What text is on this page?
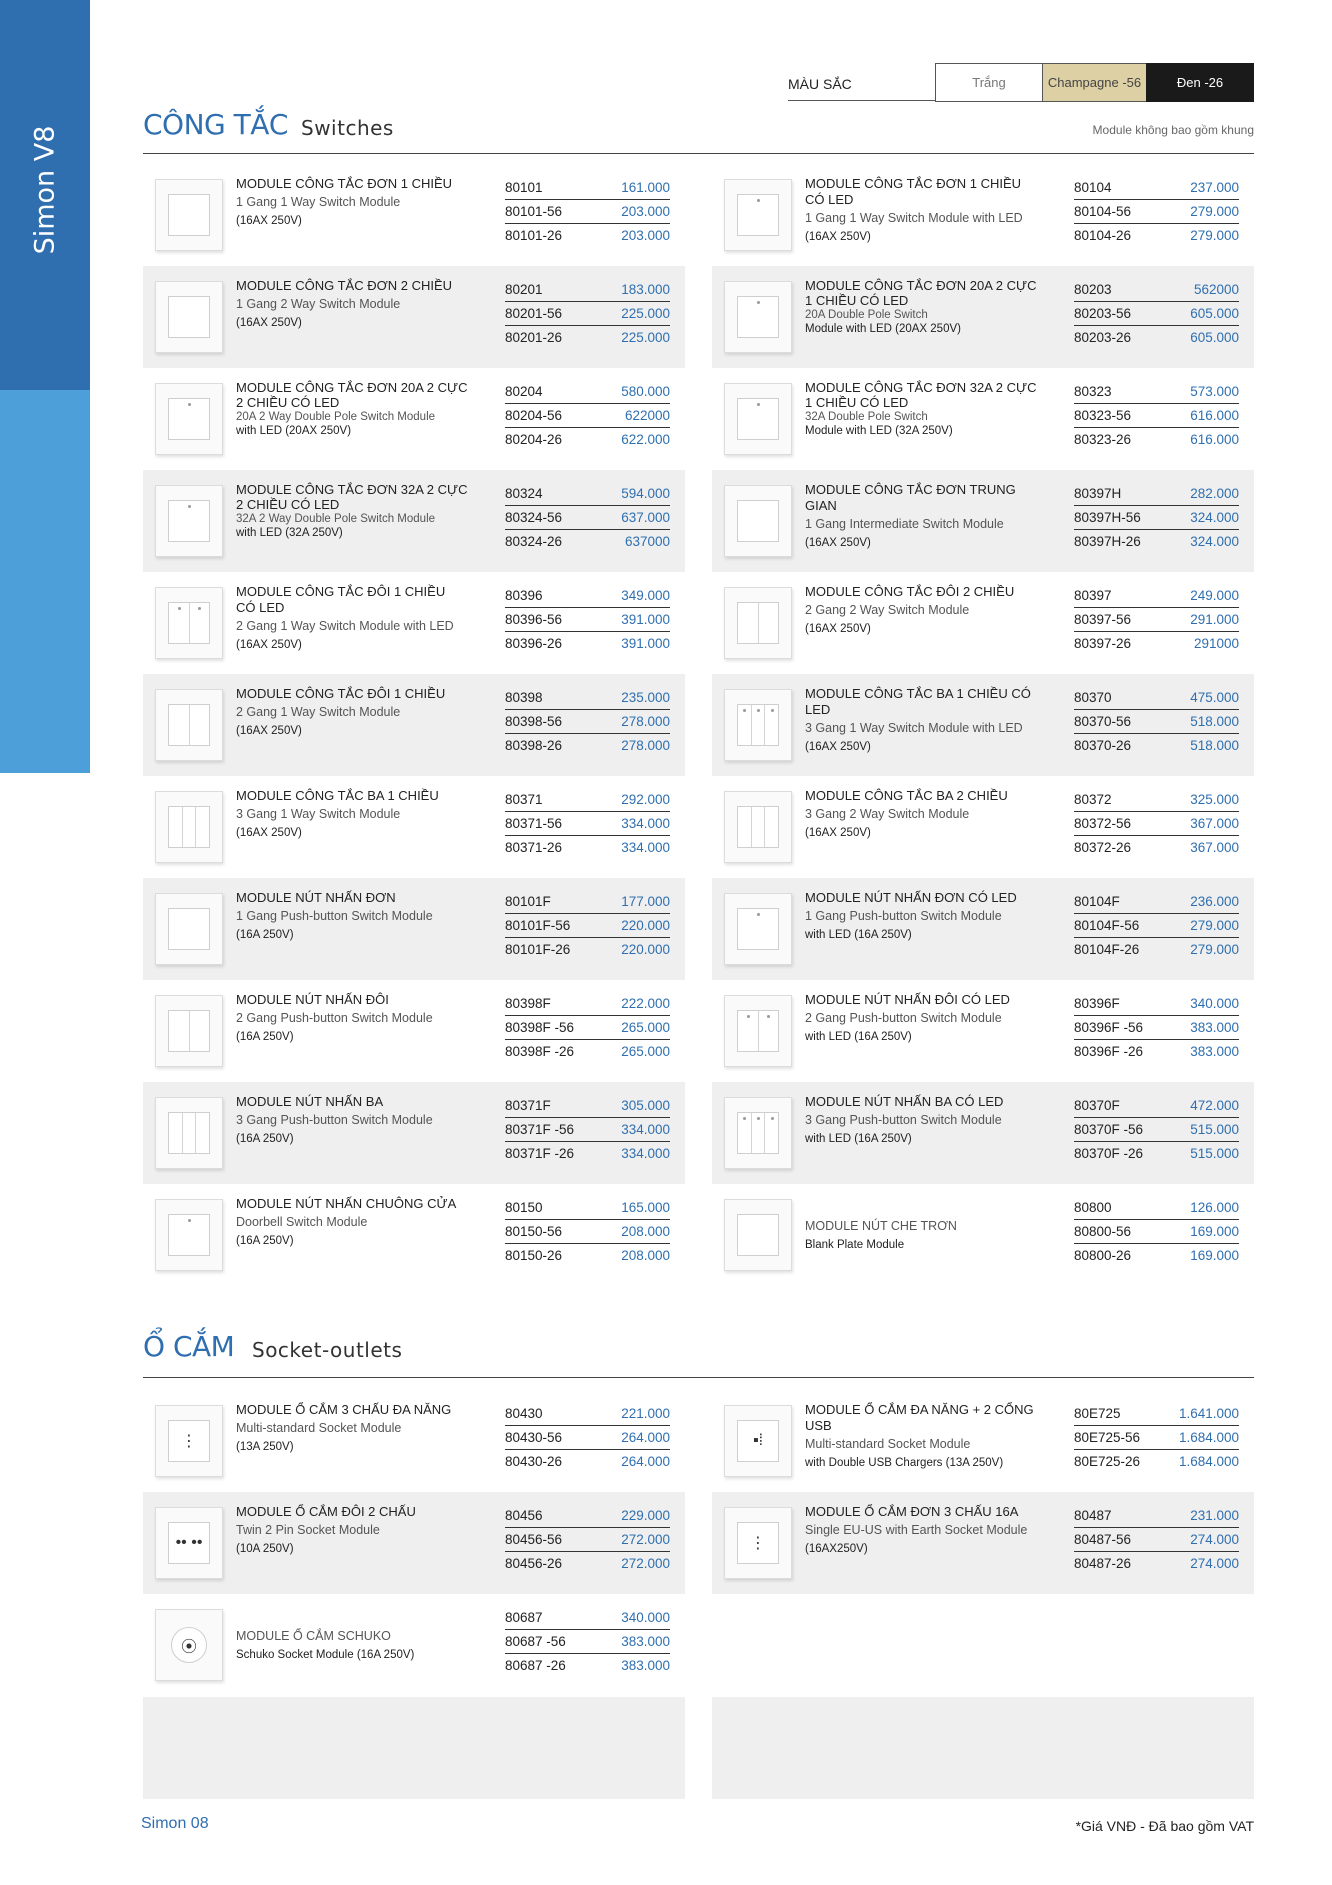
Simon V8
CÔNG TẮC - Ổ CẮM
MÀU SẮC	Trắng	Champagne -56	Đen -26
Module không bao gồm khung
CÔNG TẮC Switches
Ổ CẮM Socket-outlets
MODULE CÔNG TẮC ĐƠN 1 CHIỀU
1 Gang 1 Way Switch Module
(16AX 250V)
80101	161.000
80101-56	203.000
80101-26	203.000
MODULE CÔNG TẮC ĐƠN 1 CHIỀU CÓ LED
1 Gang 1 Way Switch Module with LED
(16AX 250V)
80104	237.000
80104-56	279.000
80104-26	279.000
MODULE CÔNG TẮC ĐƠN 2 CHIỀU
1 Gang 2 Way Switch Module
(16AX 250V)
80201	183.000
80201-56	225.000
80201-26	225.000
MODULE CÔNG TẮC ĐƠN 20A 2 CỰC 1 CHIỀU CÓ LED
20A Double Pole Switch
Module with LED (20AX 250V)
80203	562000
80203-56	605.000
80203-26	605.000
MODULE CÔNG TẮC ĐƠN 20A 2 CỰC 2 CHIỀU CÓ LED
20A 2 Way Double Pole Switch Module
with LED (20AX 250V)
80204	580.000
80204-56	622000
80204-26	622.000
MODULE CÔNG TẮC ĐƠN 32A 2 CỰC 1 CHIỀU CÓ LED
32A Double Pole Switch
Module with LED (32A 250V)
80323	573.000
80323-56	616.000
80323-26	616.000
MODULE CÔNG TẮC ĐƠN 32A 2 CỰC 2 CHIỀU CÓ LED
32A 2 Way Double Pole Switch Module
with LED (32A 250V)
80324	594.000
80324-56	637.000
80324-26	637000
MODULE CÔNG TẮC ĐƠN TRUNG GIAN
1 Gang Intermediate Switch Module
(16AX 250V)
80397H	282.000
80397H-56	324.000
80397H-26	324.000
MODULE CÔNG TẮC ĐÔI 1 CHIỀU CÓ LED
2 Gang 1 Way Switch Module with LED
(16AX 250V)
80396	349.000
80396-56	391.000
80396-26	391.000
MODULE CÔNG TẮC ĐÔI 2 CHIỀU
2 Gang 2 Way Switch Module
(16AX 250V)
80397	249.000
80397-56	291.000
80397-26	291000
MODULE CÔNG TẮC ĐÔI 1 CHIỀU
2 Gang 1 Way Switch Module
(16AX 250V)
80398	235.000
80398-56	278.000
80398-26	278.000
MODULE CÔNG TẮC BA 1 CHIỀU CÓ LED
3 Gang 1 Way Switch Module with LED
(16AX 250V)
80370	475.000
80370-56	518.000
80370-26	518.000
MODULE CÔNG TẮC BA 1 CHIỀU
3 Gang 1 Way Switch Module
(16AX 250V)
80371	292.000
80371-56	334.000
80371-26	334.000
MODULE CÔNG TẮC BA 2 CHIỀU
3 Gang 2 Way Switch Module
(16AX 250V)
80372	325.000
80372-56	367.000
80372-26	367.000
MODULE NÚT NHẤN ĐƠN
1 Gang Push-button Switch Module
(16A 250V)
80101F	177.000
80101F-56	220.000
80101F-26	220.000
MODULE NÚT NHẤN ĐƠN CÓ LED
1 Gang Push-button Switch Module
with LED (16A 250V)
80104F	236.000
80104F-56	279.000
80104F-26	279.000
MODULE NÚT NHẤN ĐÔI
2 Gang Push-button Switch Module
(16A 250V)
80398F	222.000
80398F -56	265.000
80398F -26	265.000
MODULE NÚT NHẤN ĐÔI CÓ LED
2 Gang Push-button Switch Module
with LED (16A 250V)
80396F	340.000
80396F -56	383.000
80396F -26	383.000
MODULE NÚT NHẤN BA
3 Gang Push-button Switch Module
(16A 250V)
80371F	305.000
80371F -56	334.000
80371F -26	334.000
MODULE NÚT NHẤN BA CÓ LED
3 Gang Push-button Switch Module
with LED (16A 250V)
80370F	472.000
80370F -56	515.000
80370F -26	515.000
MODULE NÚT NHẤN CHUÔNG CỬA
Doorbell Switch Module
(16A 250V)
80150	165.000
80150-56	208.000
80150-26	208.000
MODULE NÚT CHE TRƠN
Blank Plate Module
80800	126.000
80800-56	169.000
80800-26	169.000
⋮
MODULE Ổ CẮM 3 CHẤU ĐA NĂNG
Multi-standard Socket Module
(13A 250V)
80430	221.000
80430-56	264.000
80430-26	264.000
▪⁞
MODULE Ổ CẮM ĐA NĂNG + 2 CỔNG USB
Multi-standard Socket Module
with Double USB Chargers (13A 250V)
80E725	1.641.000
80E725-56	1.684.000
80E725-26	1.684.000
•• ••
MODULE Ổ CẮM ĐÔI 2 CHẤU
Twin 2 Pin Socket Module
(10A 250V)
80456	229.000
80456-56	272.000
80456-26	272.000
⋮
MODULE Ổ CẮM ĐƠN 3 CHẤU 16A
Single EU-US with Earth Socket Module
(16AX250V)
80487	231.000
80487-56	274.000
80487-26	274.000
⦿
MODULE Ổ CẮM SCHUKO
Schuko Socket Module (16A 250V)
80687	340.000
80687 -56	383.000
80687 -26	383.000
Simon 08	*Giá VNĐ - Đã bao gồm VAT
